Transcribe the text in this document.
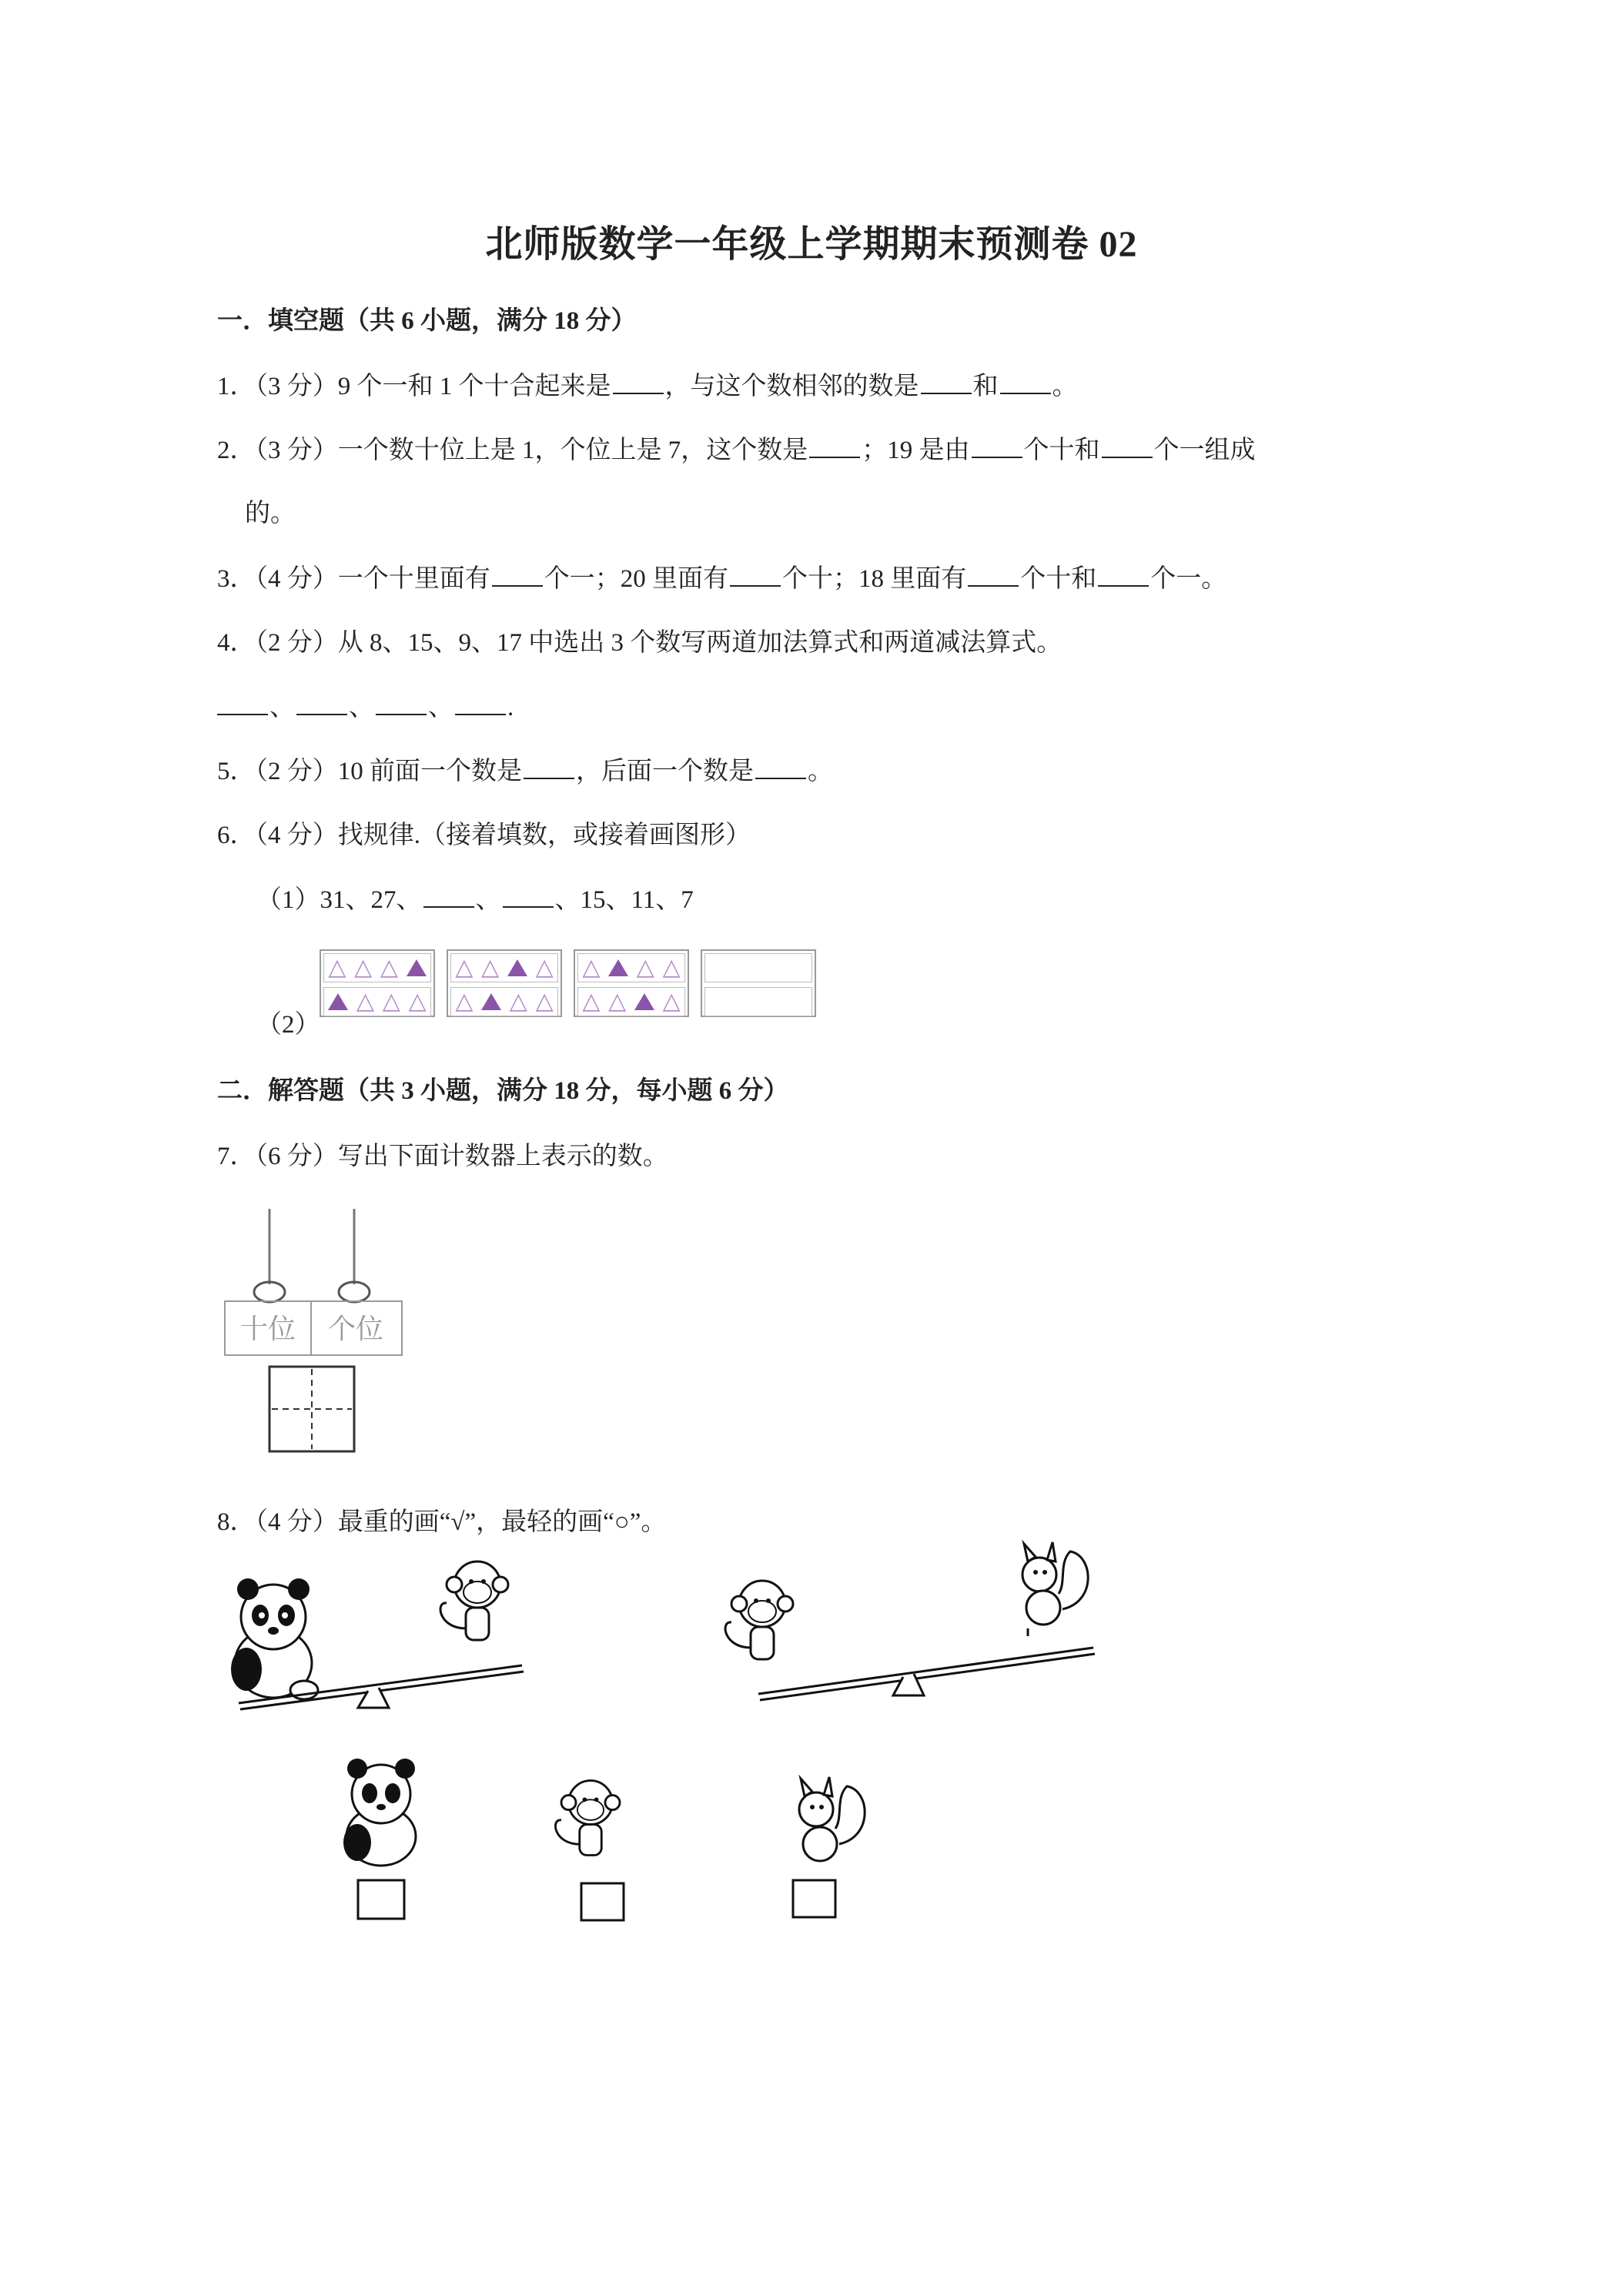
北师版数学一年级上学期期末预测卷 02
一．填空题（共 6 小题，满分 18 分）
1．（3 分）9 个一和 1 个十合起来是 ，与这个数相邻的数是 和 。
2．（3 分）一个数十位上是 1，个位上是 7，这个数是 ；19 是由 个十和 个一组成
的。
3．（4 分）一个十里面有 个一；20 里面有 个十；18 里面有 个十和 个一。
4．（2 分）从 8、15、9、17 中选出 3 个数写两道加法算式和两道减法算式。
、 、 、 .
5．（2 分）10 前面一个数是 ，后面一个数是 。
6．（4 分）找规律.（接着填数，或接着画图形）
（1）31、27、 、 、15、11、7
（2）
△ △ △
△ △ △
△ △ △
△ △ △
△ △ △
△ △ △
二．解答题（共 3 小题，满分 18 分，每小题 6 分）
7．（6 分）写出下面计数器上表示的数。
十位 个位
8．（4 分）最重的画“√”，最轻的画“○”。
